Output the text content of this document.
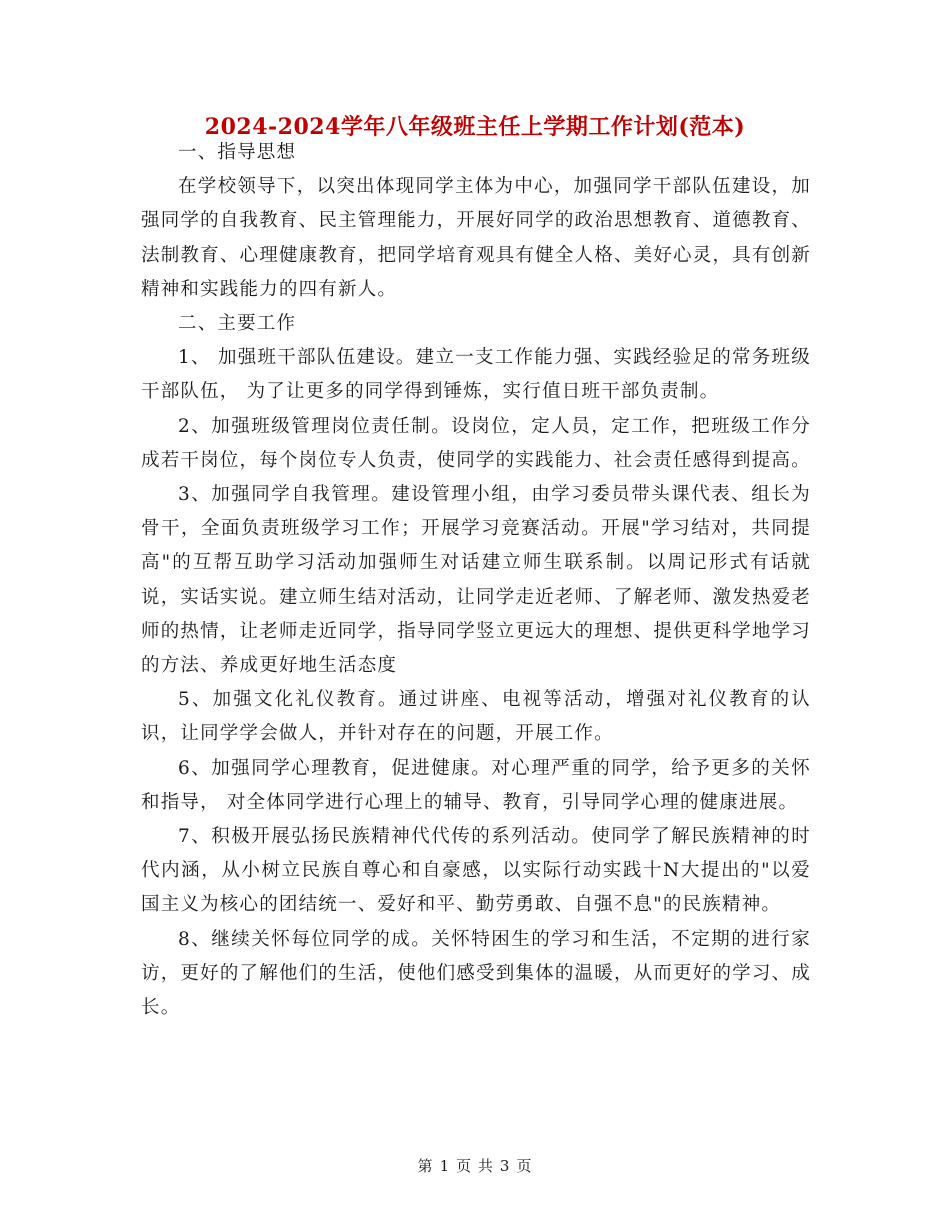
2024-2024学年八年级班主任上学期工作计划(范本)

一、指导思想

在学校领导下，以突出体现同学主体为中心，加强同学干部队伍建设，加强同学的自我教育、民主管理能力，开展好同学的政治思想教育、道德教育、法制教育、心理健康教育，把同学培育观具有健全人格、美好心灵，具有创新精神和实践能力的四有新人。

二、主要工作

1、 加强班干部队伍建设。建立一支工作能力强、实践经验足的常务班级干部队伍， 为了让更多的同学得到锤炼，实行值日班干部负责制。

2、加强班级管理岗位责任制。设岗位，定人员，定工作，把班级工作分成若干岗位，每个岗位专人负责，使同学的实践能力、社会责任感得到提高。

3、加强同学自我管理。建设管理小组，由学习委员带头课代表、组长为骨干，全面负责班级学习工作；开展学习竞赛活动。开展"学习结对，共同提高"的互帮互助学习活动加强师生对话建立师生联系制。以周记形式有话就说，实话实说。建立师生结对活动，让同学走近老师、了解老师、激发热爱老师的热情，让老师走近同学，指导同学竖立更远大的理想、提供更科学地学习的方法、养成更好地生活态度

5、加强文化礼仪教育。通过讲座、电视等活动，增强对礼仪教育的认识，让同学学会做人，并针对存在的问题，开展工作。

6、加强同学心理教育，促进健康。对心理严重的同学，给予更多的关怀和指导， 对全体同学进行心理上的辅导、教育，引导同学心理的健康进展。

7、积极开展弘扬民族精神代代传的系列活动。使同学了解民族精神的时代内涵，从小树立民族自尊心和自豪感，以实际行动实践十N大提出的"以爱国主义为核心的团结统一、爱好和平、勤劳勇敢、自强不息"的民族精神。

8、继续关怀每位同学的成。关怀特困生的学习和生活，不定期的进行家访，更好的了解他们的生活，使他们感受到集体的温暖，从而更好的学习、成长。

第 1 页 共 3 页
